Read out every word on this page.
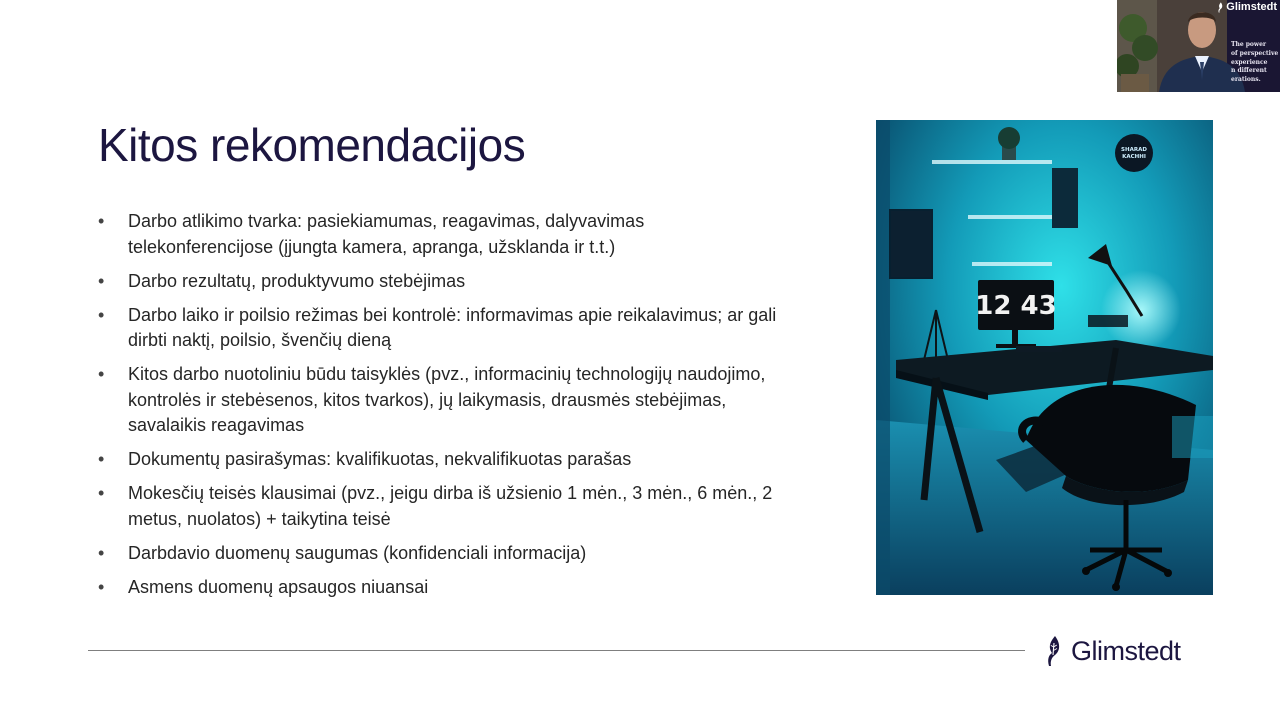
Kitos rekomendacijos
•	Darbo atlikimo tvarka: pasiekiamumas, reagavimas, dalyvavimas telekonferencijose (įjungta kamera, apranga, užsklanda ir t.t.)
•	Darbo rezultatų, produktyvumo stebėjimas
•	Darbo laiko ir poilsio režimas bei kontrolė: informavimas apie reikalavimus; ar gali dirbti naktį, poilsio, švenčių dieną
•	Kitos darbo nuotoliniu būdu taisyklės (pvz., informacinių technologijų naudojimo, kontrolės ir stebėsenos, kitos tvarkos), jų laikymasis, drausmės stebėjimas, savalaikis reagavimas
•	Dokumentų pasirašymas: kvalifikuotas, nekvalifikuotas parašas
•	Mokesčių teisės klausimai (pvz., jeigu dirba iš užsienio 1 mėn., 3 mėn., 6 mėn., 2 metus, nuolatos) + taikytina teisė
•	Darbdavio duomenų saugumas (konfidenciali informacija)
•	Asmens duomenų apsaugos niuansai
SHARAD
KACHHI
12 43
Glimstedt
Glimstedt
The power
of perspective
experience
n different
erations.
